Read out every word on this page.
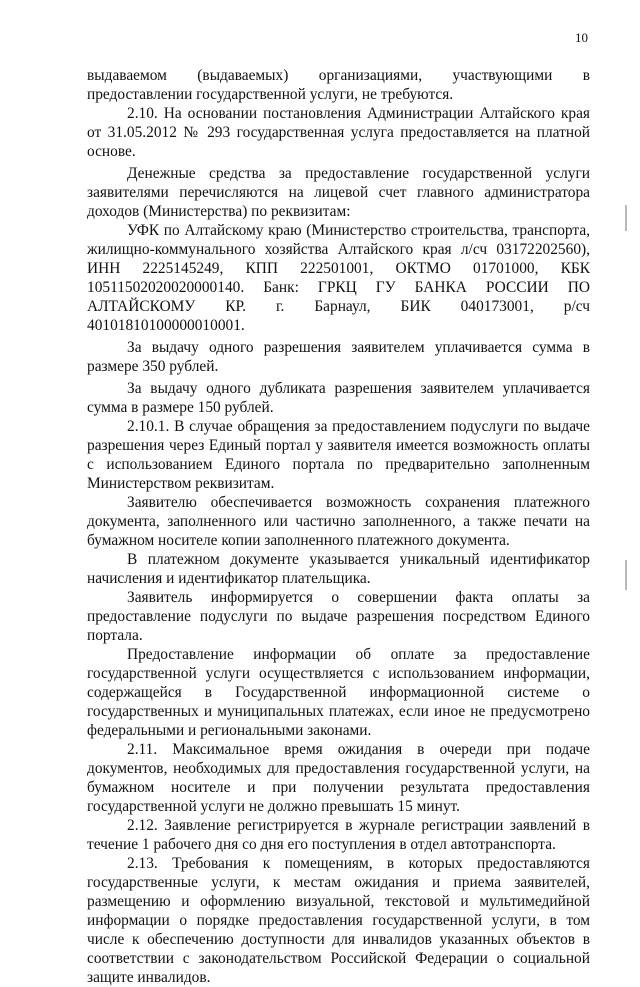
10

выдаваемом (выдаваемых) организациями, участвующими в предоставлении государственной услуги, не требуются.

2.10. На основании постановления Администрации Алтайского края от 31.05.2012 № 293 государственная услуга предоставляется на платной основе.

Денежные средства за предоставление государственной услуги заявителями перечисляются на лицевой счет главного администратора доходов (Министерства) по реквизитам:

УФК по Алтайскому краю (Министерство строительства, транспорта, жилищно-коммунального хозяйства Алтайского края л/сч 03172202560), ИНН 2225145249, КПП 222501001, ОКТМО 01701000, КБК 10511502020020000140. Банк: ГРКЦ ГУ БАНКА РОССИИ ПО АЛТАЙСКОМУ КР. г. Барнаул, БИК 040173001, р/сч 40101810100000010001.

За выдачу одного разрешения заявителем уплачивается сумма в размере 350 рублей.

За выдачу одного дубликата разрешения заявителем уплачивается сумма в размере 150 рублей.

2.10.1. В случае обращения за предоставлением подуслуги по выдаче разрешения через Единый портал у заявителя имеется возможность оплаты с использованием Единого портала по предварительно заполненным Министерством реквизитам.

Заявителю обеспечивается возможность сохранения платежного документа, заполненного или частично заполненного, а также печати на бумажном носителе копии заполненного платежного документа.

В платежном документе указывается уникальный идентификатор начисления и идентификатор плательщика.

Заявитель информируется о совершении факта оплаты за предоставление подуслуги по выдаче разрешения посредством Единого портала.

Предоставление информации об оплате за предоставление государственной услуги осуществляется с использованием информации, содержащейся в Государственной информационной системе о государственных и муниципальных платежах, если иное не предусмотрено федеральными и региональными законами.

2.11. Максимальное время ожидания в очереди при подаче документов, необходимых для предоставления государственной услуги, на бумажном носителе и при получении результата предоставления государственной услуги не должно превышать 15 минут.

2.12. Заявление регистрируется в журнале регистрации заявлений в течение 1 рабочего дня со дня его поступления в отдел автотранспорта.

2.13. Требования к помещениям, в которых предоставляются государственные услуги, к местам ожидания и приема заявителей, размещению и оформлению визуальной, текстовой и мультимедийной информации о порядке предоставления государственной услуги, в том числе к обеспечению доступности для инвалидов указанных объектов в соответствии с законодательством Российской Федерации о социальной защите инвалидов.
